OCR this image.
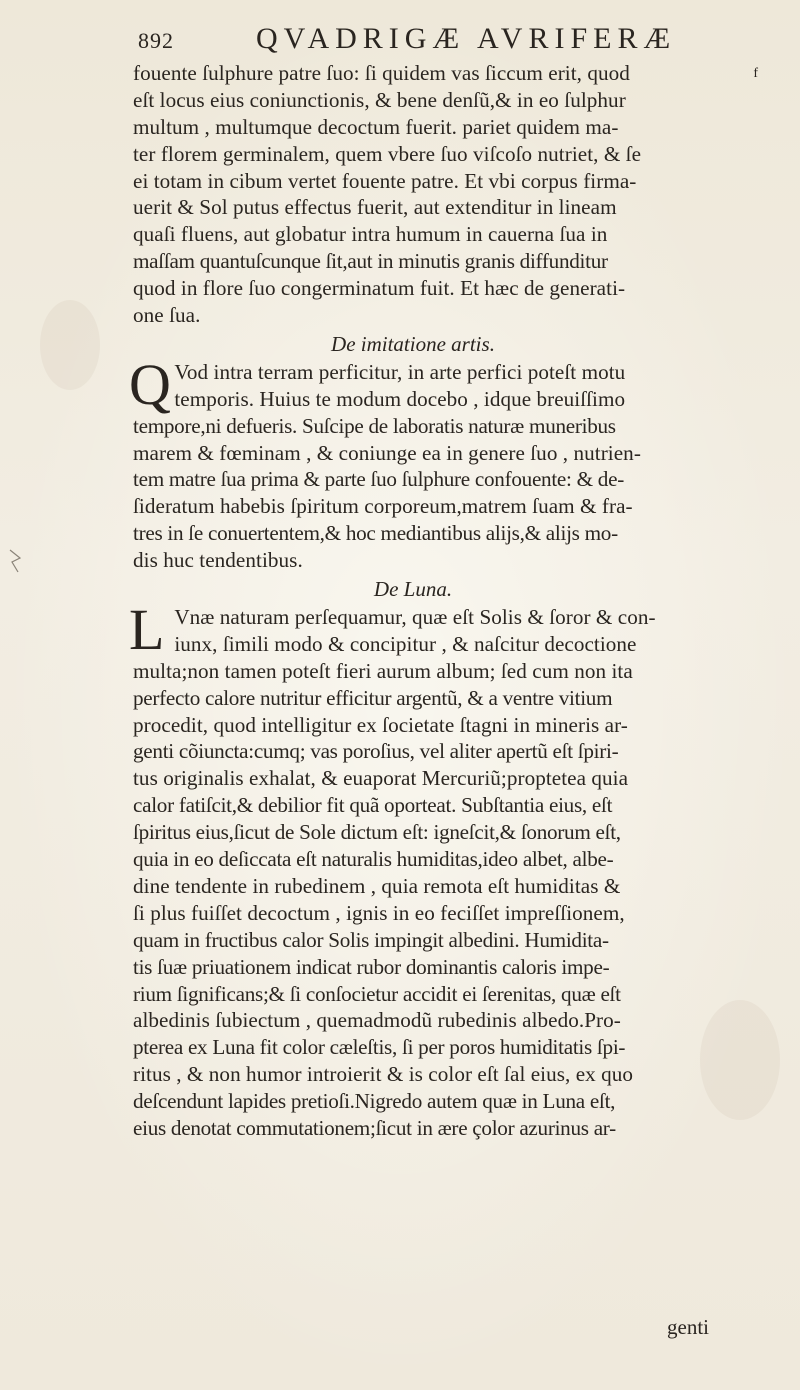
892	QVADRIGÆ AVRIFERÆ
f
fouente ſulphure patre ſuo: ſi quidem vas ſiccum erit, quod
eſt locus eius coniunctionis, & bene denſũ,& in eo ſulphur
multum , multumque decoctum fuerit. pariet quidem ma-
ter florem germinalem, quem vbere ſuo viſcoſo nutriet, & ſe
ei totam in cibum vertet fouente patre. Et vbi corpus firma-
uerit & Sol putus effectus fuerit, aut extenditur in lineam
quaſi fluens, aut globatur intra humum in cauerna ſua in
maſſam quantuſcunque ſit,aut in minutis granis diffunditur
quod in flore ſuo congerminatum fuit. Et hæc de generati-
one ſua.
De imitatione artis.
Q Vod intra terram perficitur, in arte perfici poteſt motu
temporis. Huius te modum docebo , idque breuiſſimo
tempore,ni defueris. Suſcipe de laboratis naturæ muneribus
marem & fœminam , & coniunge ea in genere ſuo , nutrien-
tem matre ſua prima & parte ſuo ſulphure confouente: & de-
ſideratum habebis ſpiritum corporeum,matrem ſuam & fra-
tres in ſe conuertentem,& hoc mediantibus alijs,& alijs mo-
dis huc tendentibus.
De Luna.
L Vnæ naturam perſequamur, quæ eſt Solis & ſoror & con-
iunx, ſimili modo & concipitur , & naſcitur decoctione
multa;non tamen poteſt fieri aurum album; ſed cum non ita
perfecto calore nutritur efficitur argentũ, & a ventre vitium
procedit, quod intelligitur ex ſocietate ſtagni in mineris ar-
genti cõiuncta:cumq; vas poroſius, vel aliter apertũ eſt ſpiri-
tus originalis exhalat, & euaporat Mercuriũ;proptetea quia
calor fatiſcit,& debilior fit quã oporteat. Subſtantia eius, eſt
ſpiritus eius,ſicut de Sole dictum eſt: igneſcit,& ſonorum eſt,
quia in eo deſiccata eſt naturalis humiditas,ideo albet, albe-
dine tendente in rubedinem , quia remota eſt humiditas &
ſi plus fuiſſet decoctum , ignis in eo feciſſet impreſſionem,
quam in fructibus calor Solis impingit albedini. Humidita-
tis ſuæ priuationem indicat rubor dominantis caloris impe-
rium ſignificans;& ſi conſocietur accidit ei ſerenitas, quæ eſt
albedinis ſubiectum , quemadmodũ rubedinis albedo.Pro-
pterea ex Luna fit color cæleſtis, ſi per poros humiditatis ſpi-
ritus , & non humor introierit & is color eſt ſal eius, ex quo
deſcendunt lapides pretioſi.Nigredo autem quæ in Luna eſt,
eius denotat commutationem;ſicut in ære çolor azurinus ar-
genti
